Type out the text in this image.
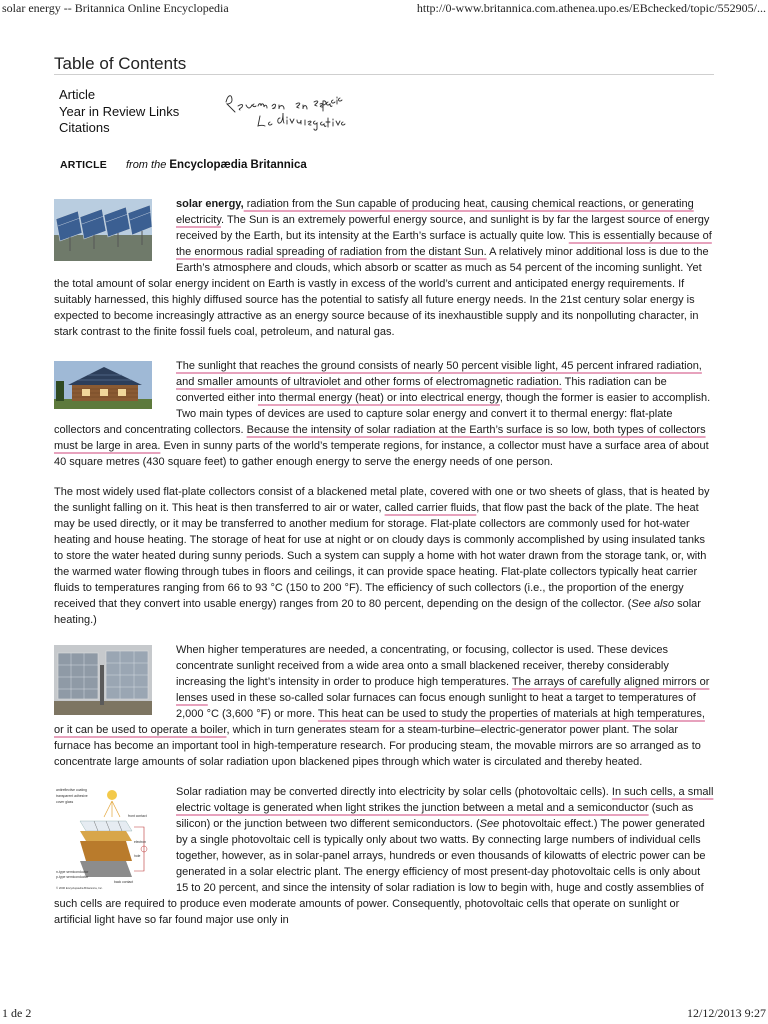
solar energy -- Britannica Online Encyclopedia	http://0-www.britannica.com.athenea.upo.es/EBchecked/topic/552905/...
Table of Contents
Article
Year in Review Links
Citations
ARTICLE from the Encyclopædia Britannica

solar energy, radiation from the Sun capable of producing heat, causing chemical reactions, or generating electricity. The Sun is an extremely powerful energy source, and sunlight is by far the largest source of energy received by the Earth, but its intensity at the Earth’s surface is actually quite low. This is essentially because of the enormous radial spreading of radiation from the distant Sun. A relatively minor additional loss is due to the Earth’s atmosphere and clouds, which absorb or scatter as much as 54 percent of the incoming sunlight. Yet the total amount of solar energy incident on Earth is vastly in excess of the world’s current and anticipated energy requirements. If suitably harnessed, this highly diffused source has the potential to satisfy all future energy needs. In the 21st century solar energy is expected to become increasingly attractive as an energy source because of its inexhaustible supply and its nonpolluting character, in stark contrast to the finite fossil fuels coal, petroleum, and natural gas.

The sunlight that reaches the ground consists of nearly 50 percent visible light, 45 percent infrared radiation, and smaller amounts of ultraviolet and other forms of electromagnetic radiation. This radiation can be converted either into thermal energy (heat) or into electrical energy, though the former is easier to accomplish. Two main types of devices are used to capture solar energy and convert it to thermal energy: flat-plate collectors and concentrating collectors. Because the intensity of solar radiation at the Earth’s surface is so low, both types of collectors must be large in area. Even in sunny parts of the world’s temperate regions, for instance, a collector must have a surface area of about 40 square metres (430 square feet) to gather enough energy to serve the energy needs of one person.

The most widely used flat-plate collectors consist of a blackened metal plate, covered with one or two sheets of glass, that is heated by the sunlight falling on it. This heat is then transferred to air or water, called carrier fluids, that flow past the back of the plate. The heat may be used directly, or it may be transferred to another medium for storage. Flat-plate collectors are commonly used for hot-water heating and house heating. The storage of heat for use at night or on cloudy days is commonly accomplished by using insulated tanks to store the water heated during sunny periods. Such a system can supply a home with hot water drawn from the storage tank, or, with the warmed water flowing through tubes in floors and ceilings, it can provide space heating. Flat-plate collectors typically heat carrier fluids to temperatures ranging from 66 to 93 °C (150 to 200 °F). The efficiency of such collectors (i.e., the proportion of the energy received that they convert into usable energy) ranges from 20 to 80 percent, depending on the design of the collector. (See also solar heating.)

When higher temperatures are needed, a concentrating, or focusing, collector is used. These devices concentrate sunlight received from a wide area onto a small blackened receiver, thereby considerably increasing the light’s intensity in order to produce high temperatures. The arrays of carefully aligned mirrors or lenses used in these so-called solar furnaces can focus enough sunlight to heat a target to temperatures of 2,000 °C (3,600 °F) or more. This heat can be used to study the properties of materials at high temperatures, or it can be used to operate a boiler, which in turn generates steam for a steam-turbine–electric-generator power plant. The solar furnace has become an important tool in high-temperature research. For producing steam, the movable mirrors are so arranged as to concentrate large amounts of solar radiation upon blackened pipes through which water is circulated and thereby heated.

antireflective coating
transparent adhesive
cover glass
front contact
n-type semiconductor
p-type semiconductor
back contact
electron
hole
© 2006 Encyclopædia Britannica, Inc.
Solar radiation may be converted directly into electricity by solar cells (photovoltaic cells). In such cells, a small electric voltage is generated when light strikes the junction between a metal and a semiconductor (such as silicon) or the junction between two different semiconductors. (See photovoltaic effect.) The power generated by a single photovoltaic cell is typically only about two watts. By connecting large numbers of individual cells together, however, as in solar-panel arrays, hundreds or even thousands of kilowatts of electric power can be generated in a solar electric plant. The energy efficiency of most present-day photovoltaic cells is only about 15 to 20 percent, and since the intensity of solar radiation is low to begin with, huge and costly assemblies of such cells are required to produce even moderate amounts of power. Consequently, photovoltaic cells that operate on sunlight or artificial light have so far found major use only in

1 de 2	12/12/2013 9:27
